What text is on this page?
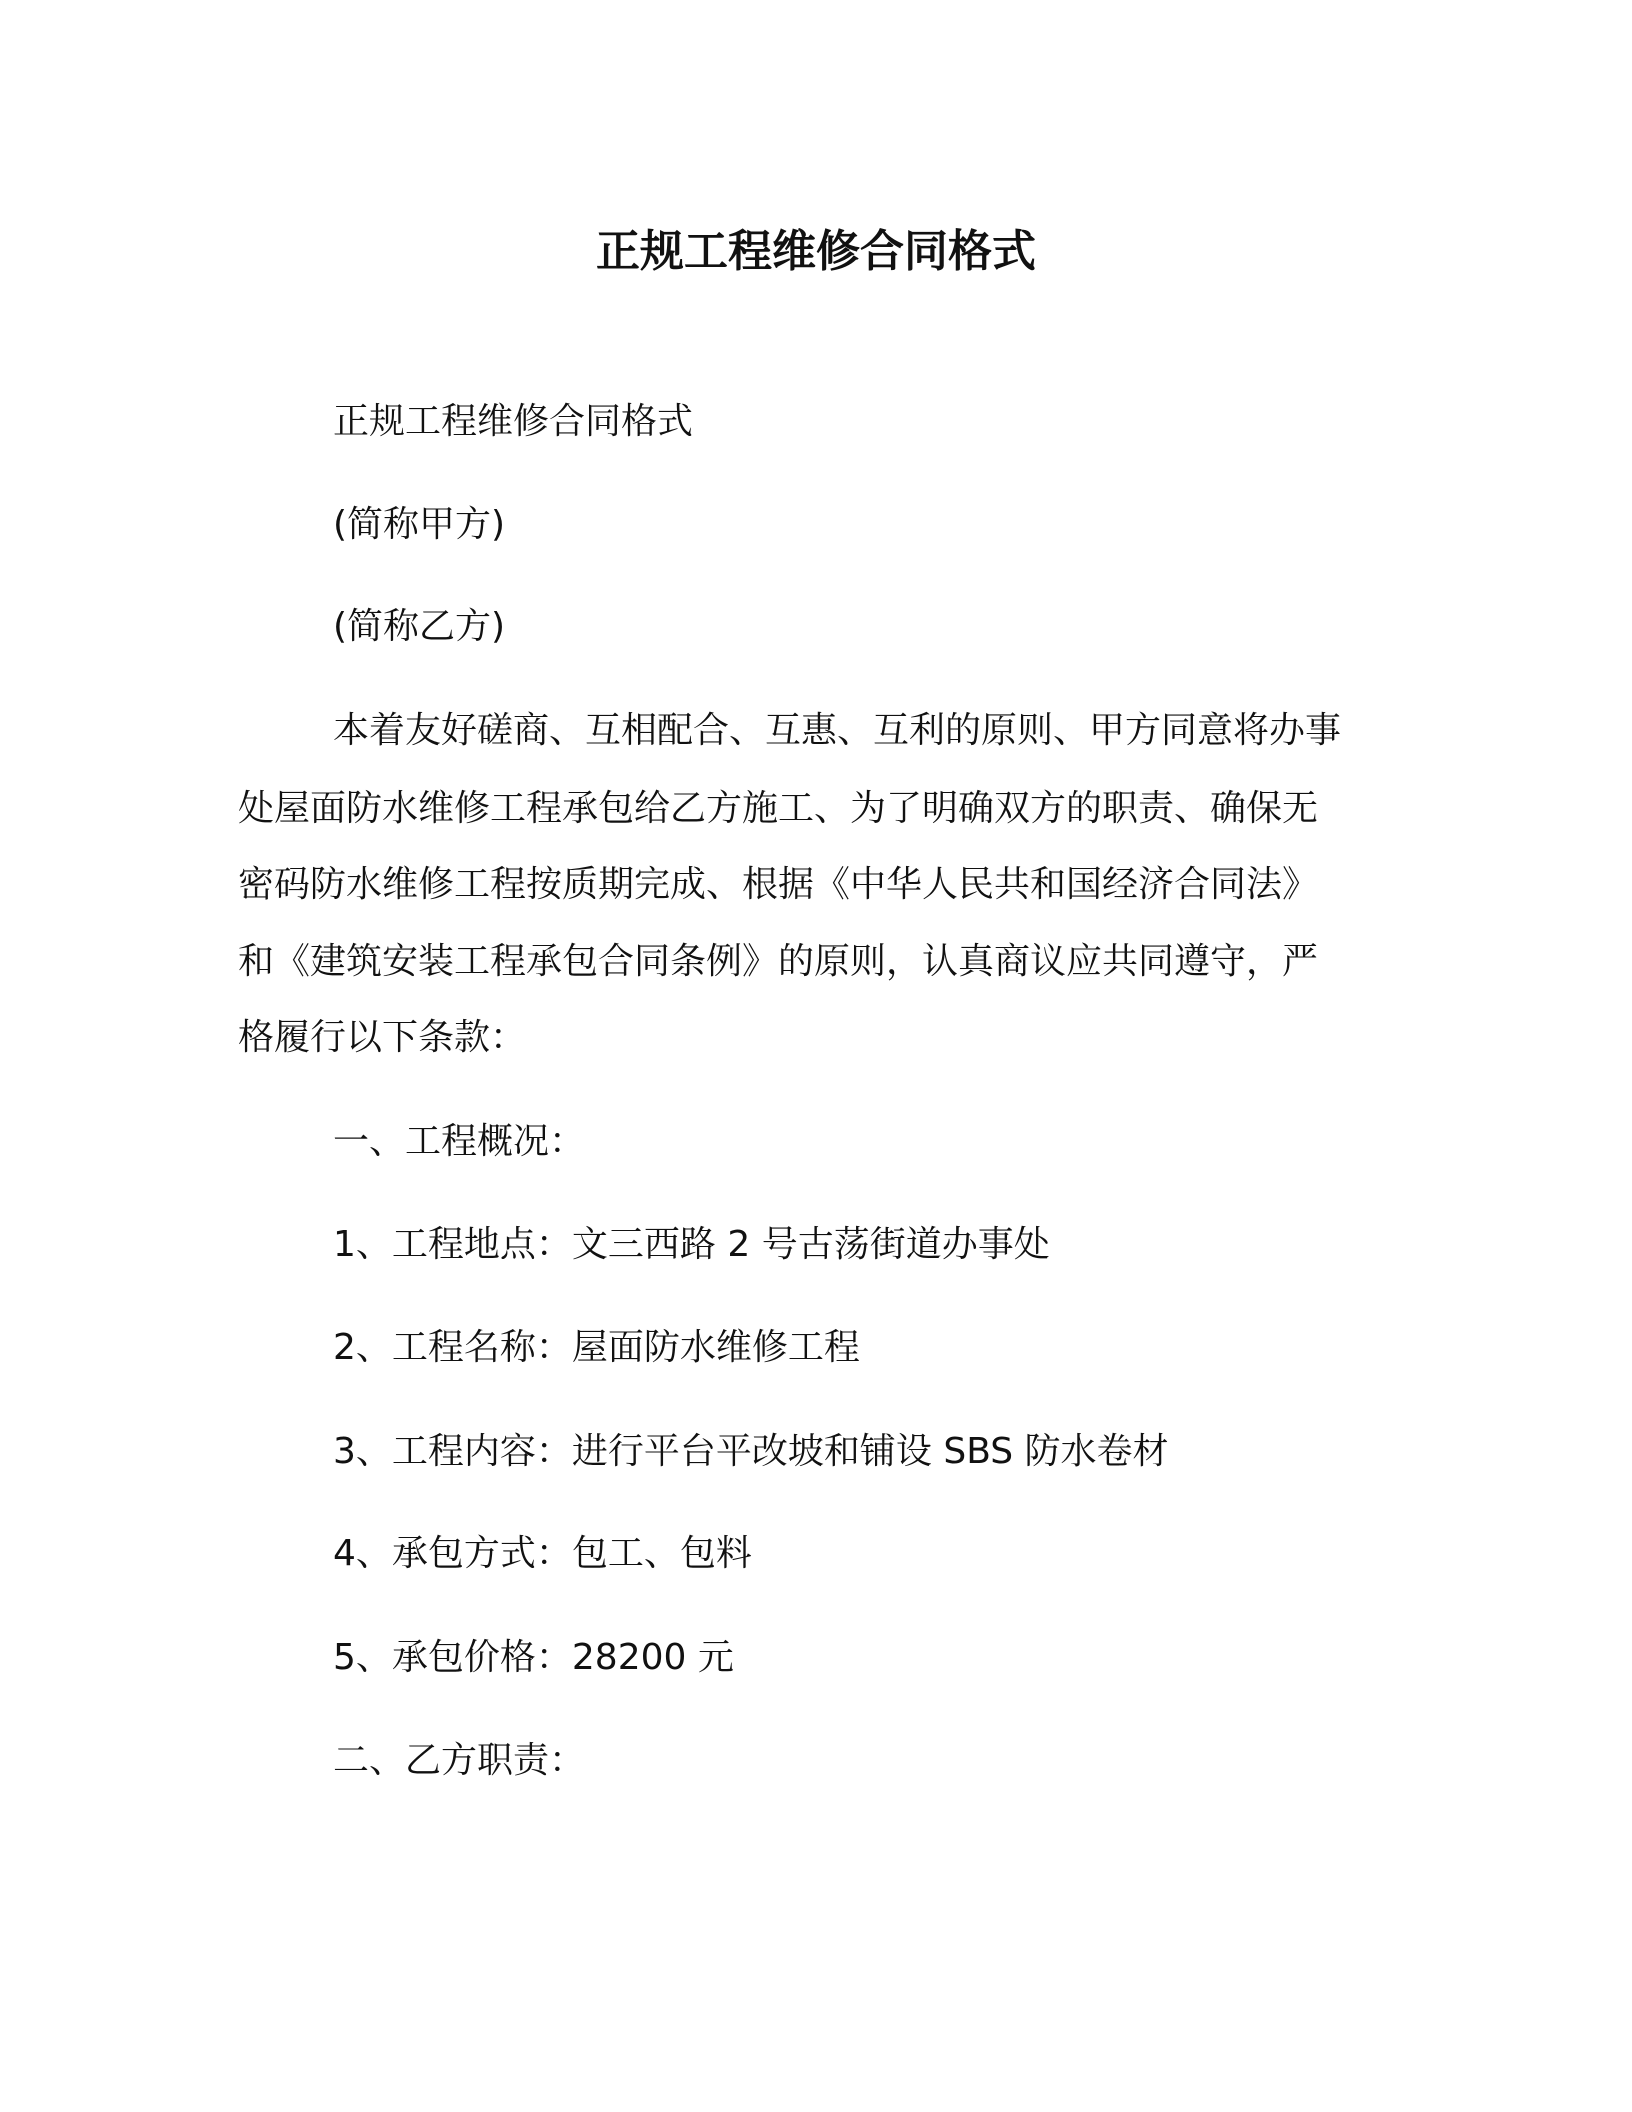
正规工程维修合同格式
正规工程维修合同格式
(简称甲方)
(简称乙方)
本着友好磋商、互相配合、互惠、互利的原则、甲方同意将办事
处屋面防水维修工程承包给乙方施工、为了明确双方的职责、确保无
密码防水维修工程按质期完成、根据《中华人民共和国经济合同法》
和《建筑安装工程承包合同条例》的原则，认真商议应共同遵守，严
格履行以下条款：
一、工程概况：
1、工程地点：文三西路 2 号古荡街道办事处
2、工程名称：屋面防水维修工程
3、工程内容：进行平台平改坡和铺设 SBS 防水卷材
4、承包方式：包工、包料
5、承包价格：28200 元
二、乙方职责：
